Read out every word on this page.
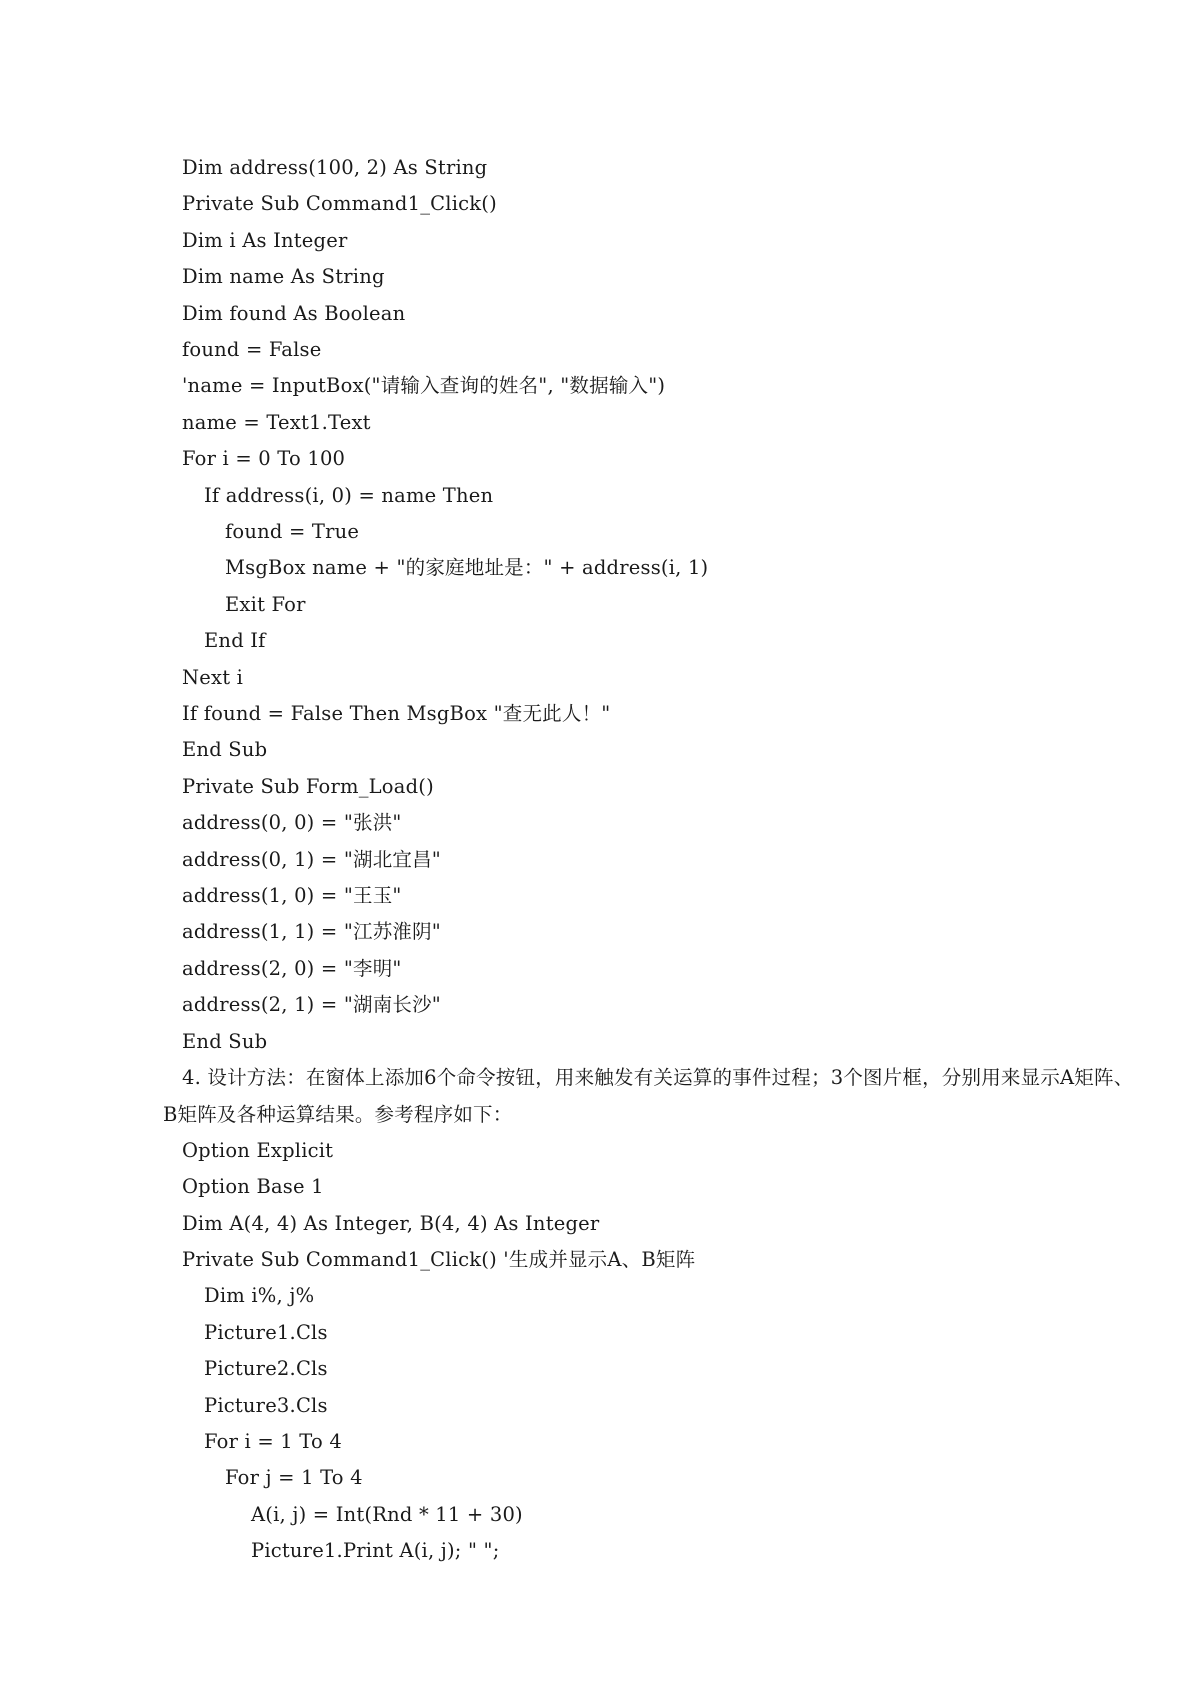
Dim address(100, 2) As String
Private Sub Command1_Click()
Dim i As Integer
Dim name As String
Dim found As Boolean
found = False
'name = InputBox("请输入查询的姓名", "数据输入")
name = Text1.Text
For i = 0 To 100
If address(i, 0) = name Then
found = True
MsgBox name + "的家庭地址是：" + address(i, 1)
Exit For
End If
Next i
If found = False Then MsgBox "查无此人！"
End Sub
Private Sub Form_Load()
address(0, 0) = "张洪"
address(0, 1) = "湖北宜昌"
address(1, 0) = "王玉"
address(1, 1) = "江苏淮阴"
address(2, 0) = "李明"
address(2, 1) = "湖南长沙"
End Sub
4. 设计方法：在窗体上添加6个命令按钮，用来触发有关运算的事件过程；3个图片框，分别用来显示A矩阵、B矩阵及各种运算结果。参考程序如下：
Option Explicit
Option Base 1
Dim A(4, 4) As Integer, B(4, 4) As Integer
Private Sub Command1_Click() '生成并显示A、B矩阵
Dim i%, j%
Picture1.Cls
Picture2.Cls
Picture3.Cls
For i = 1 To 4
For j = 1 To 4
A(i, j) = Int(Rnd * 11 + 30)
Picture1.Print A(i, j); " ";
